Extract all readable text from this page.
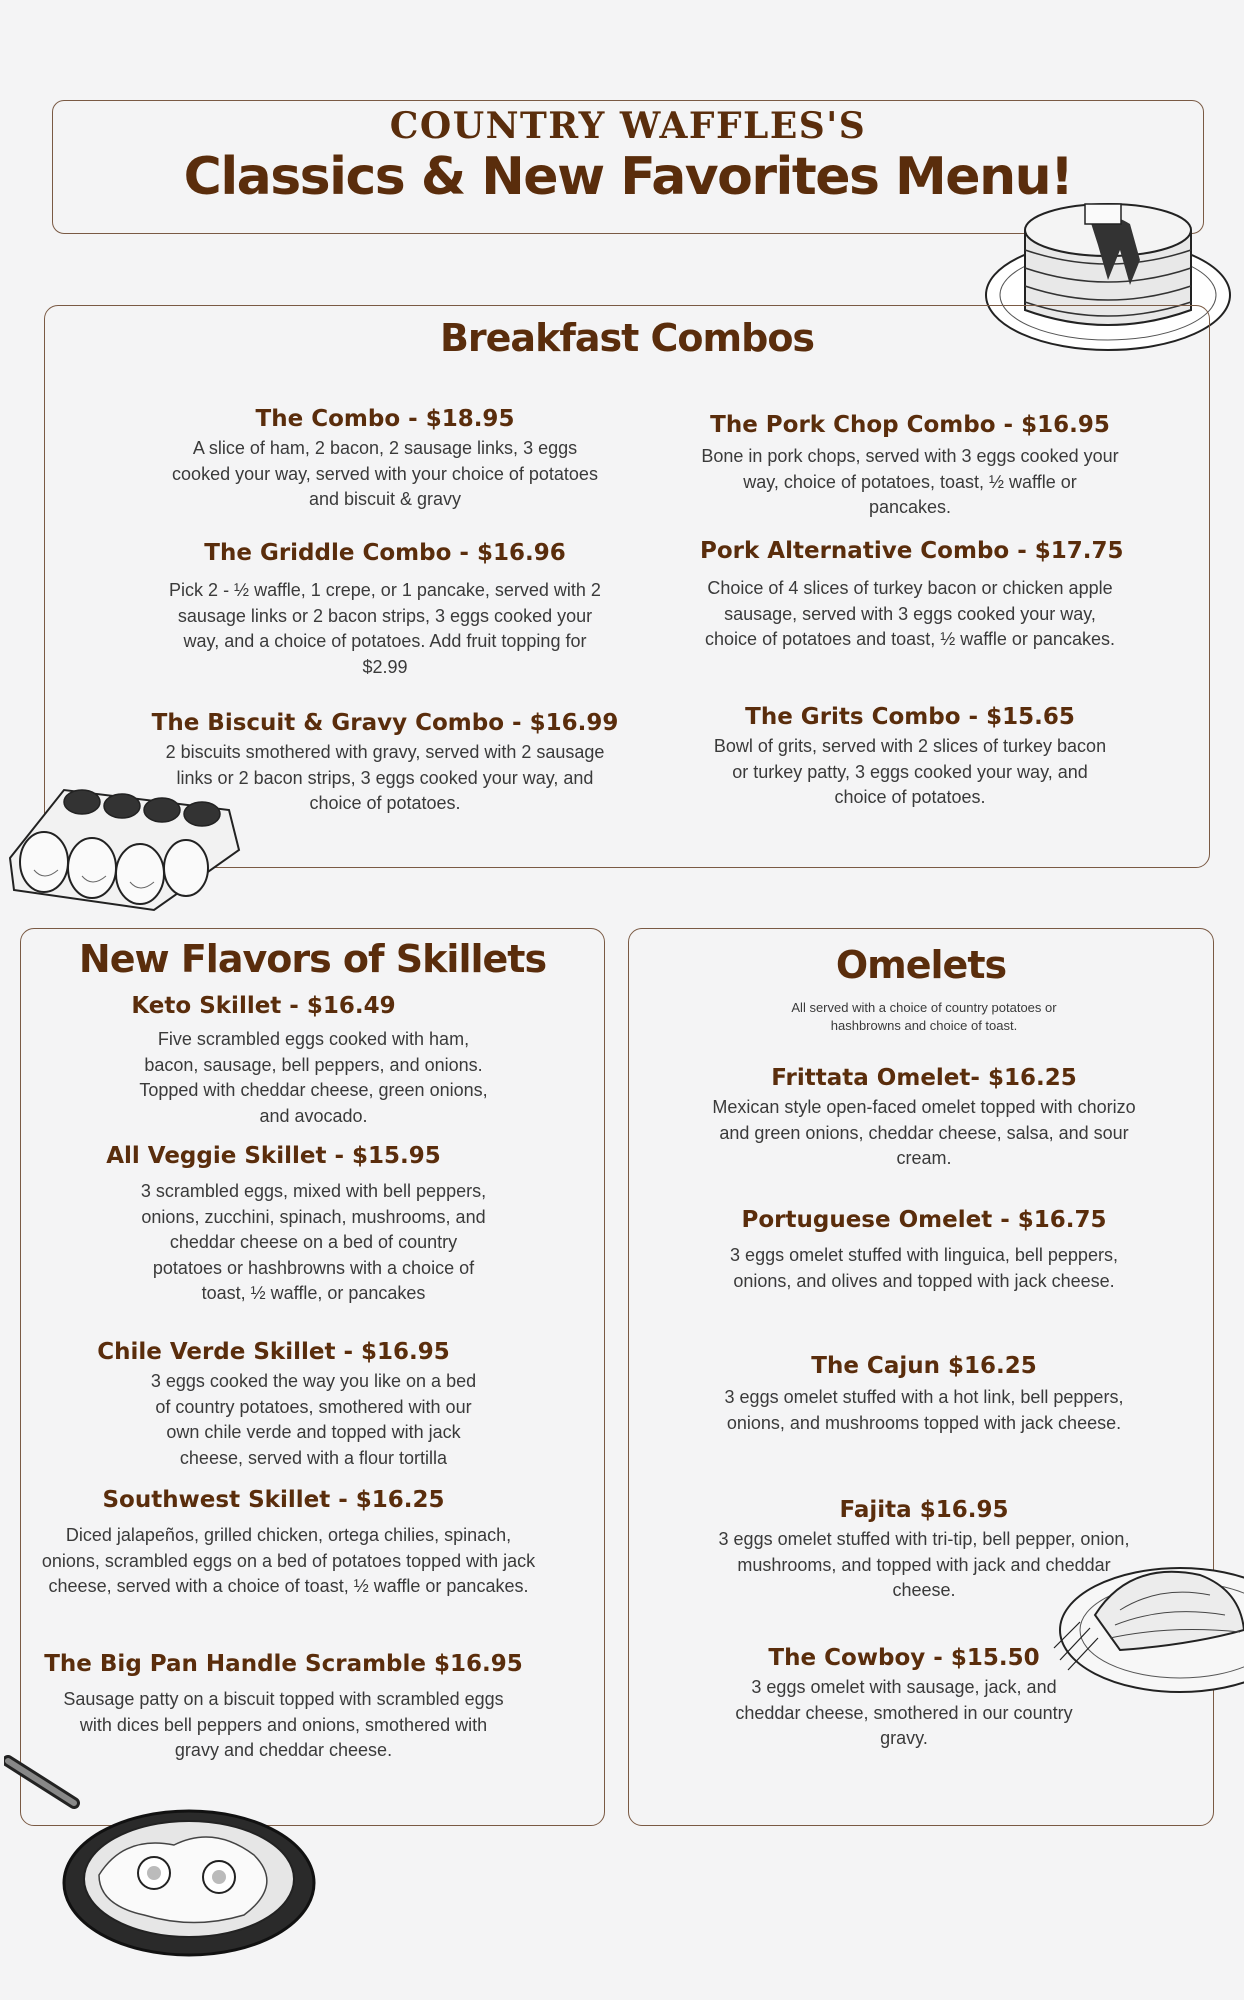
COUNTRY WAFFLES'S
Classics & New Favorites Menu!
Breakfast Combos
The Combo - $18.95
A slice of ham, 2 bacon, 2 sausage links, 3 eggs cooked your way, served with your choice of potatoes and biscuit & gravy
The Griddle Combo - $16.96
Pick 2 - ½ waffle, 1 crepe, or 1 pancake, served with 2 sausage links or 2 bacon strips, 3 eggs cooked your way, and a choice of potatoes. Add fruit topping for $2.99
The Biscuit & Gravy Combo - $16.99
2 biscuits smothered with gravy, served with 2 sausage links or 2 bacon strips, 3 eggs cooked your way, and choice of potatoes.
The Pork Chop Combo - $16.95
Bone in pork chops, served with 3 eggs cooked your way, choice of potatoes, toast, ½ waffle or pancakes.
Pork Alternative Combo - $17.75
Choice of 4 slices of turkey bacon or chicken apple sausage, served with 3 eggs cooked your way, choice of potatoes and toast, ½ waffle or pancakes.
The Grits Combo - $15.65
Bowl of grits, served with 2 slices of turkey bacon or turkey patty, 3 eggs cooked your way, and choice of potatoes.
New Flavors of Skillets
Keto Skillet - $16.49
Five scrambled eggs cooked with ham, bacon, sausage, bell peppers, and onions. Topped with cheddar cheese, green onions, and avocado.
All Veggie Skillet - $15.95
3 scrambled eggs, mixed with bell peppers, onions, zucchini, spinach, mushrooms, and cheddar cheese on a bed of country potatoes or hashbrowns with a choice of toast, ½ waffle, or pancakes
Chile Verde Skillet - $16.95
3 eggs cooked the way you like on a bed of country potatoes, smothered with our own chile verde and topped with jack cheese, served with a flour tortilla
Southwest Skillet - $16.25
Diced jalapeños, grilled chicken, ortega chilies, spinach, onions, scrambled eggs on a bed of potatoes topped with jack cheese, served with a choice of toast, ½ waffle or pancakes.
The Big Pan Handle Scramble $16.95
Sausage patty on a biscuit topped with scrambled eggs with dices bell peppers and onions, smothered with gravy and cheddar cheese.
Omelets
All served with a choice of country potatoes or hashbrowns and choice of toast.
Frittata Omelet- $16.25
Mexican style open-faced omelet topped with chorizo and green onions, cheddar cheese, salsa, and sour cream.
Portuguese Omelet - $16.75
3 eggs omelet stuffed with linguica, bell peppers, onions, and olives and topped with jack cheese.
The Cajun $16.25
3 eggs omelet stuffed with a hot link, bell peppers, onions, and mushrooms topped with jack cheese.
Fajita $16.95
3 eggs omelet stuffed with tri-tip, bell pepper, onion, mushrooms, and topped with jack and cheddar cheese.
The Cowboy - $15.50
3 eggs omelet with sausage, jack, and cheddar cheese, smothered in our country gravy.
